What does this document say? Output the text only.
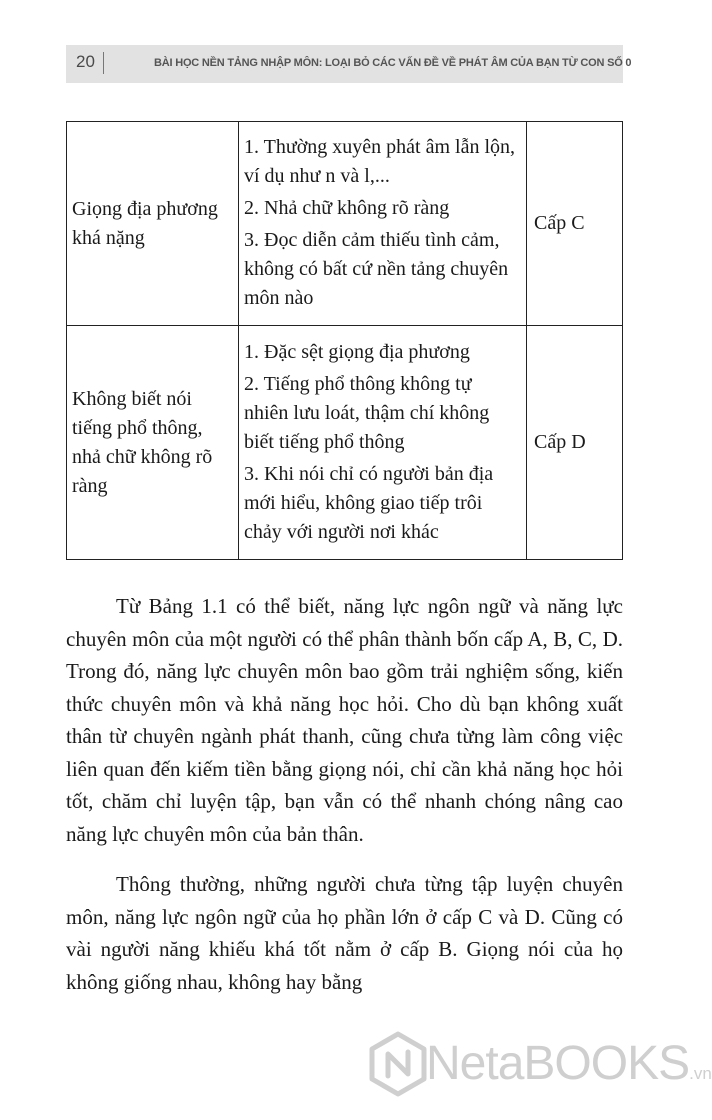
20	BÀI HỌC NỀN TẢNG NHẬP MÔN: LOẠI BỎ CÁC VẤN ĐỀ VỀ PHÁT ÂM CỦA BẠN TỪ CON SỐ 0
Giọng địa phương khá nặng	1. Thường xuyên phát âm lẫn lộn, ví dụ như n và l,...

2. Nhả chữ không rõ ràng

3. Đọc diễn cảm thiếu tình cảm, không có bất cứ nền tảng chuyên môn nào	Cấp C
Không biết nói tiếng phổ thông, nhả chữ không rõ ràng	1. Đặc sệt giọng địa phương

2. Tiếng phổ thông không tự nhiên lưu loát, thậm chí không biết tiếng phổ thông

3. Khi nói chỉ có người bản địa mới hiểu, không giao tiếp trôi chảy với người nơi khác	Cấp D

Từ Bảng 1.1 có thể biết, năng lực ngôn ngữ và năng lực chuyên môn của một người có thể phân thành bốn cấp A, B, C, D. Trong đó, năng lực chuyên môn bao gồm trải nghiệm sống, kiến thức chuyên môn và khả năng học hỏi. Cho dù bạn không xuất thân từ chuyên ngành phát thanh, cũng chưa từng làm công việc liên quan đến kiếm tiền bằng giọng nói, chỉ cần khả năng học hỏi tốt, chăm chỉ luyện tập, bạn vẫn có thể nhanh chóng nâng cao năng lực chuyên môn của bản thân.

Thông thường, những người chưa từng tập luyện chuyên môn, năng lực ngôn ngữ của họ phần lớn ở cấp C và D. Cũng có vài người năng khiếu khá tốt nằm ở cấp B. Giọng nói của họ không giống nhau, không hay bằng

NetaBOOKS.vn
